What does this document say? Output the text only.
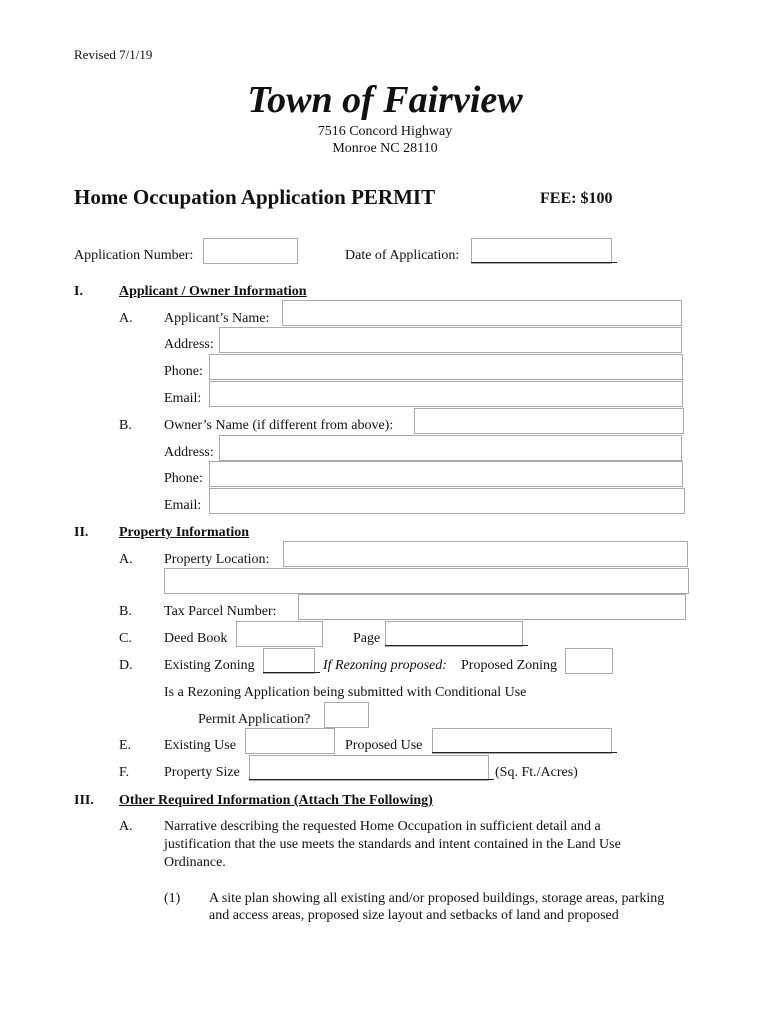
Revised 7/1/19
Town of Fairview
7516 Concord Highway
Monroe NC 28110
Home Occupation Application PERMIT	FEE: $100
Application Number:	Date of Application:
I.	Applicant / Owner Information
A. Applicant’s Name:
Address:
Phone:
Email:
B. Owner’s Name (if different from above):
Address:
Phone:
Email:
II. Property Information
A. Property Location:
B. Tax Parcel Number:
C. Deed Book	Page
D. Existing Zoning	If Rezoning proposed: Proposed Zoning
Is a Rezoning Application being submitted with Conditional Use
Permit Application?
E. Existing Use	Proposed Use
F. Property Size	(Sq. Ft./Acres)
III. Other Required Information (Attach The Following)
A. Narrative describing the requested Home Occupation in sufficient detail and a
justification that the use meets the standards and intent contained in the Land Use
Ordinance.
(1) A site plan showing all existing and/or proposed buildings, storage areas, parking
and access areas, proposed size layout and setbacks of land and proposed
